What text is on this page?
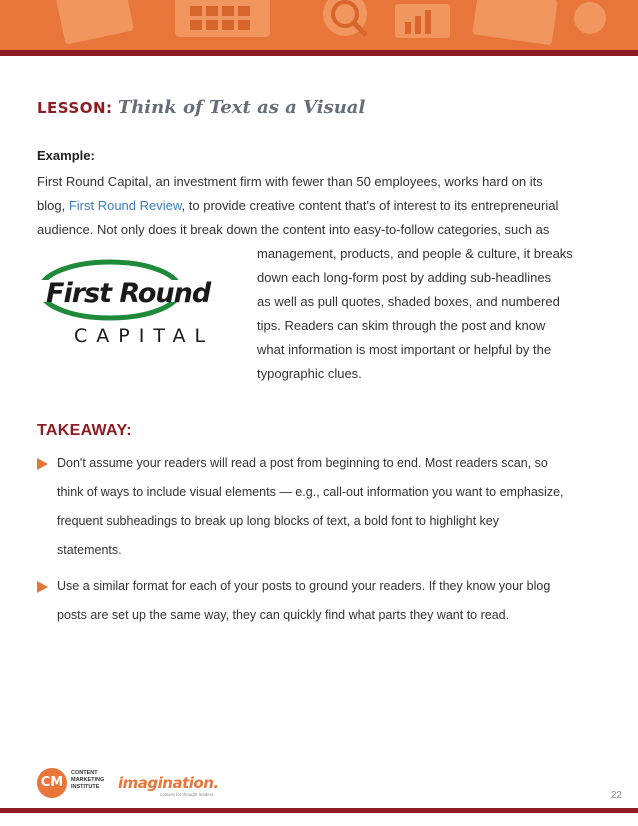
LESSON: Think of Text as a Visual
Example:
First Round Capital, an investment firm with fewer than 50 employees, works hard on its
blog, First Round Review, to provide creative content that's of interest to its entrepreneurial
audience. Not only does it break down the content into easy-to-follow categories, such as
management, products, and people & culture, it breaks
down each long-form post by adding sub-headlines
as well as pull quotes, shaded boxes, and numbered
tips. Readers can skim through the post and know
what information is most important or helpful by the
typographic clues.
First Round
CAPITAL
TAKEAWAY:
Don't assume your readers will read a post from beginning to end. Most readers scan, so
think of ways to include visual elements — e.g., call-out information you want to emphasize,
frequent subheadings to break up long blocks of text, a bold font to highlight key
statements.
Use a similar format for each of your posts to ground your readers. If they know your blog
posts are set up the same way, they can quickly find what parts they want to read.
CM
CONTENT
MARKETING
INSTITUTE	imagination.
content for thought leaders	22
